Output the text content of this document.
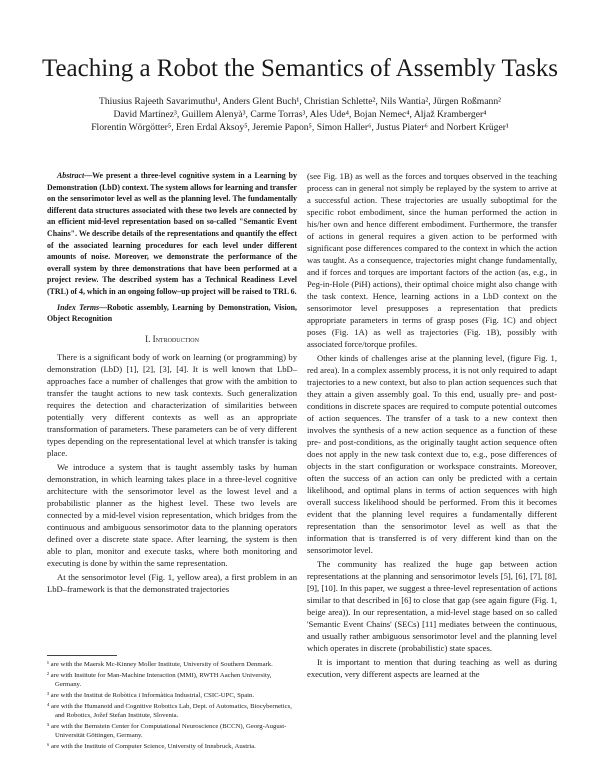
Teaching a Robot the Semantics of Assembly Tasks
Thiusius Rajeeth Savarimuthu¹, Anders Glent Buch¹, Christian Schlette², Nils Wantia², Jürgen Roßmann²
David Martínez³, Guillem Alenyà³, Carme Torras³, Ales Ude⁴, Bojan Nemec⁴, Aljaž Kramberger⁴
Florentin Wörgötter⁵, Eren Erdal Aksoy⁵, Jeremie Papon⁵, Simon Haller⁶, Justus Piater⁶ and Norbert Krüger¹

Abstract—We present a three-level cognitive system in a Learning by Demonstration (LbD) context. The system allows for learning and transfer on the sensorimotor level as well as the planning level. The fundamentally different data structures associated with these two levels are connected by an efficient mid-level representation based on so-called "Semantic Event Chains". We describe details of the representations and quantify the effect of the associated learning procedures for each level under different amounts of noise. Moreover, we demonstrate the performance of the overall system by three demonstrations that have been performed at a project review. The described system has a Technical Readiness Level (TRL) of 4, which in an ongoing follow–up project will be raised to TRL 6.

Index Terms—Robotic assembly, Learning by Demonstration, Vision, Object Recognition

I. Introduction

There is a significant body of work on learning (or programming) by demonstration (LbD) [1], [2], [3], [4]. It is well known that LbD–approaches face a number of challenges that grow with the ambition to transfer the taught actions to new task contexts. Such generalization requires the detection and characterization of similarities between potentially very different contexts as well as an appropriate transformation of parameters. These parameters can be of very different types depending on the representational level at which transfer is taking place.

We introduce a system that is taught assembly tasks by human demonstration, in which learning takes place in a three-level cognitive architecture with the sensorimotor level as the lowest level and a probabilistic planner as the highest level. These two levels are connected by a mid-level vision representation, which bridges from the continuous and ambiguous sensorimotor data to the planning operators defined over a discrete state space. After learning, the system is then able to plan, monitor and execute tasks, where both monitoring and executing is done by within the same representation.

At the sensorimotor level (Fig. 1, yellow area), a first problem in an LbD–framework is that the demonstrated trajectories

¹ are with the Maersk Mc-Kinney Moller Institute, University of Southern Denmark.

² are with Institute for Man-Machine Interaction (MMI), RWTH Aachen University, Germany.

³ are with the Institut de Robòtica i Informàtica Industrial, CSIC-UPC, Spain.

⁴ are with the Humanoid and Cognitive Robotics Lab, Dept. of Automatics, Biocybernetics, and Robotics, Jožef Stefan Institute, Slovenia.

⁵ are with the Bernstein Center for Computational Neuroscience (BCCN), Georg-August-Universität Göttingen, Germany.

⁶ are with the Institute of Computer Science, University of Innsbruck, Austria.

(see Fig. 1B) as well as the forces and torques observed in the teaching process can in general not simply be replayed by the system to arrive at a successful action. These trajectories are usually suboptimal for the specific robot embodiment, since the human performed the action in his/her own and hence different embodiment. Furthermore, the transfer of actions in general requires a given action to be performed with significant pose differences compared to the context in which the action was taught. As a consequence, trajectories might change fundamentally, and if forces and torques are important factors of the action (as, e.g., in Peg-in-Hole (PiH) actions), their optimal choice might also change with the task context. Hence, learning actions in a LbD context on the sensorimotor level presupposes a representation that predicts appropriate parameters in terms of grasp poses (Fig. 1C) and object poses (Fig. 1A) as well as trajectories (Fig. 1B), possibly with associated force/torque profiles.

Other kinds of challenges arise at the planning level, (figure Fig. 1, red area). In a complex assembly process, it is not only required to adapt trajectories to a new context, but also to plan action sequences such that they attain a given assembly goal. To this end, usually pre- and post-conditions in discrete spaces are required to compute potential outcomes of action sequences. The transfer of a task to a new context then involves the synthesis of a new action sequence as a function of these pre- and post-conditions, as the originally taught action sequence often does not apply in the new task context due to, e.g., pose differences of objects in the start configuration or workspace constraints. Moreover, often the success of an action can only be predicted with a certain likelihood, and optimal plans in terms of action sequences with high overall success likelihood should be performed. From this it becomes evident that the planning level requires a fundamentally different representation than the sensorimotor level as well as that the information that is transferred is of very different kind than on the sensorimotor level.

The community has realized the huge gap between action representations at the planning and sensorimotor levels [5], [6], [7], [8], [9], [10]. In this paper, we suggest a three-level representation of actions similar to that described in [6] to close that gap (see again figure (Fig. 1, beige area)). In our representation, a mid-level stage based on so called 'Semantic Event Chains' (SECs) [11] mediates between the continuous, and usually rather ambiguous sensorimotor level and the planning level which operates in discrete (probabilistic) state spaces.

It is important to mention that during teaching as well as during execution, very different aspects are learned at the
